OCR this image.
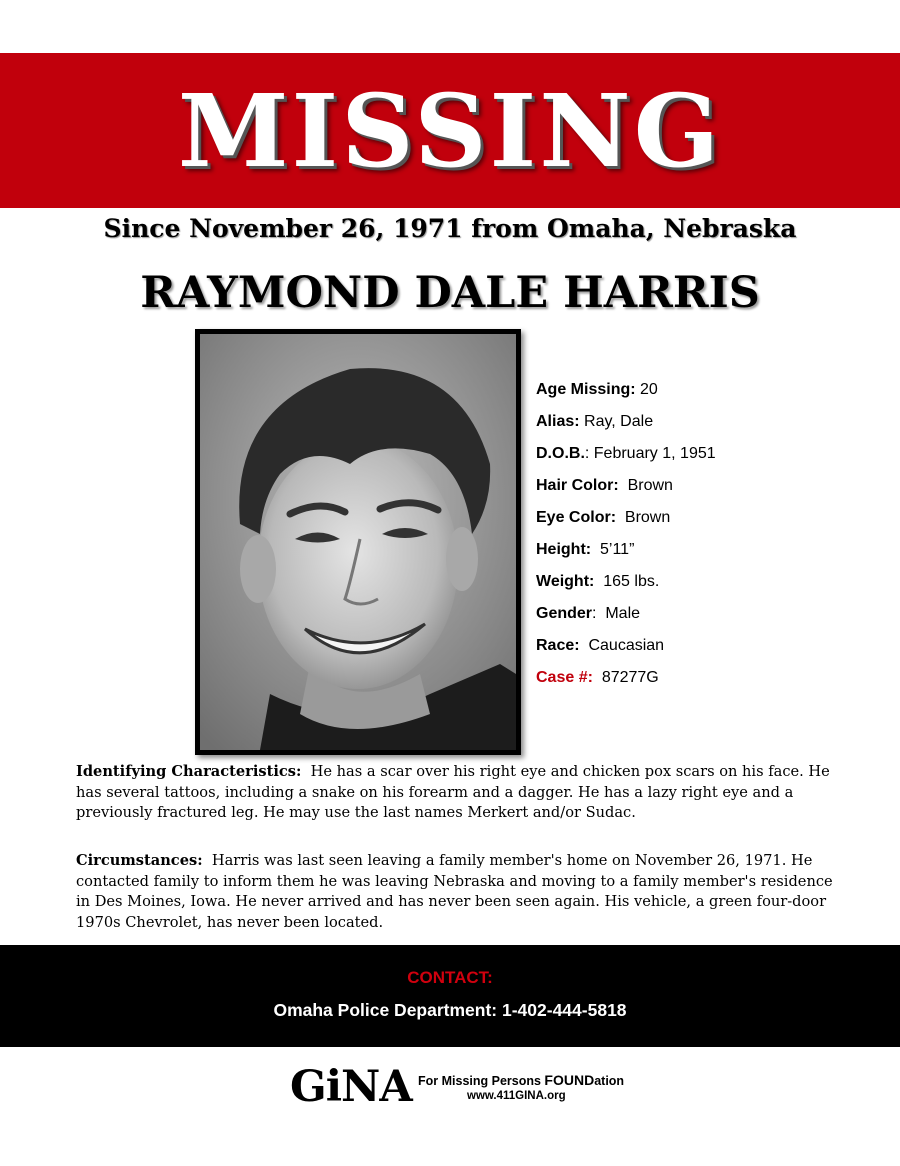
MISSING
Since November 26, 1971 from Omaha, Nebraska
RAYMOND DALE HARRIS
Age Missing: 20
Alias: Ray, Dale
D.O.B.: February 1, 1951
Hair Color:  Brown
Eye Color:  Brown
Height:  5’11”
Weight:  165 lbs.
Gender:  Male
Race:  Caucasian
Case #:  87277G
Identifying Characteristics:  He has a scar over his right eye and chicken pox scars on his face. He has several tattoos, including a snake on his forearm and a dagger. He has a lazy right eye and a previously fractured leg. He may use the last names Merkert and/or Sudac.
Circumstances:  Harris was last seen leaving a family member's home on November 26, 1971. He contacted family to inform them he was leaving Nebraska and moving to a family member's residence in Des Moines, Iowa. He never arrived and has never been seen again. His vehicle, a green four-door 1970s Chevrolet, has never been located.
CONTACT:
Omaha Police Department: 1-402-444-5818
GiNA For Missing Persons FOUNDation
www.411GINA.org
